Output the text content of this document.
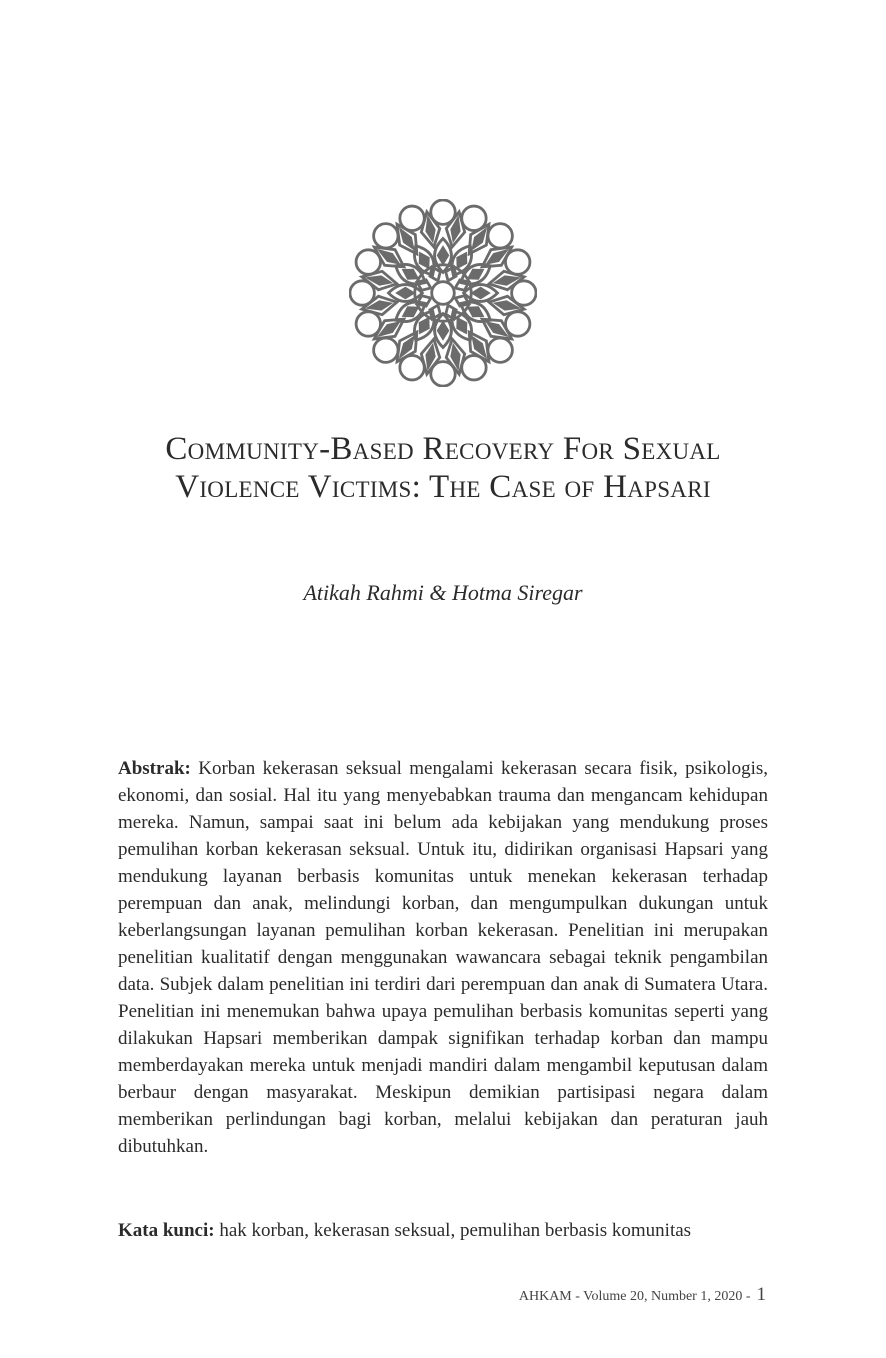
Community-Based Recovery For Sexual
Violence Victims: The Case of Hapsari
Atikah Rahmi & Hotma Siregar

Abstrak: Korban kekerasan seksual mengalami kekerasan secara fisik, psikologis, ekonomi, dan sosial. Hal itu yang menyebabkan trauma dan mengancam kehidupan mereka. Namun, sampai saat ini belum ada kebijakan yang mendukung proses pemulihan korban kekerasan seksual. Untuk itu, didirikan organisasi Hapsari yang mendukung layanan berbasis komunitas untuk menekan kekerasan terhadap perempuan dan anak, melindungi korban, dan mengumpulkan dukungan untuk keberlangsungan layanan pemulihan korban kekerasan. Penelitian ini merupakan penelitian kualitatif dengan menggunakan wawancara sebagai teknik pengambilan data. Subjek dalam penelitian ini terdiri dari perempuan dan anak di Sumatera Utara. Penelitian ini menemukan bahwa upaya pemulihan berbasis komunitas seperti yang dilakukan Hapsari memberikan dampak signifikan terhadap korban dan mampu memberdayakan mereka untuk menjadi mandiri dalam mengambil keputusan dalam berbaur dengan masyarakat. Meskipun demikian partisipasi negara dalam memberikan perlindungan bagi korban, melalui kebijakan dan peraturan jauh dibutuhkan.

Kata kunci: hak korban, kekerasan seksual, pemulihan berbasis komunitas

AHKAM - Volume 20, Number 1, 2020 - 1
